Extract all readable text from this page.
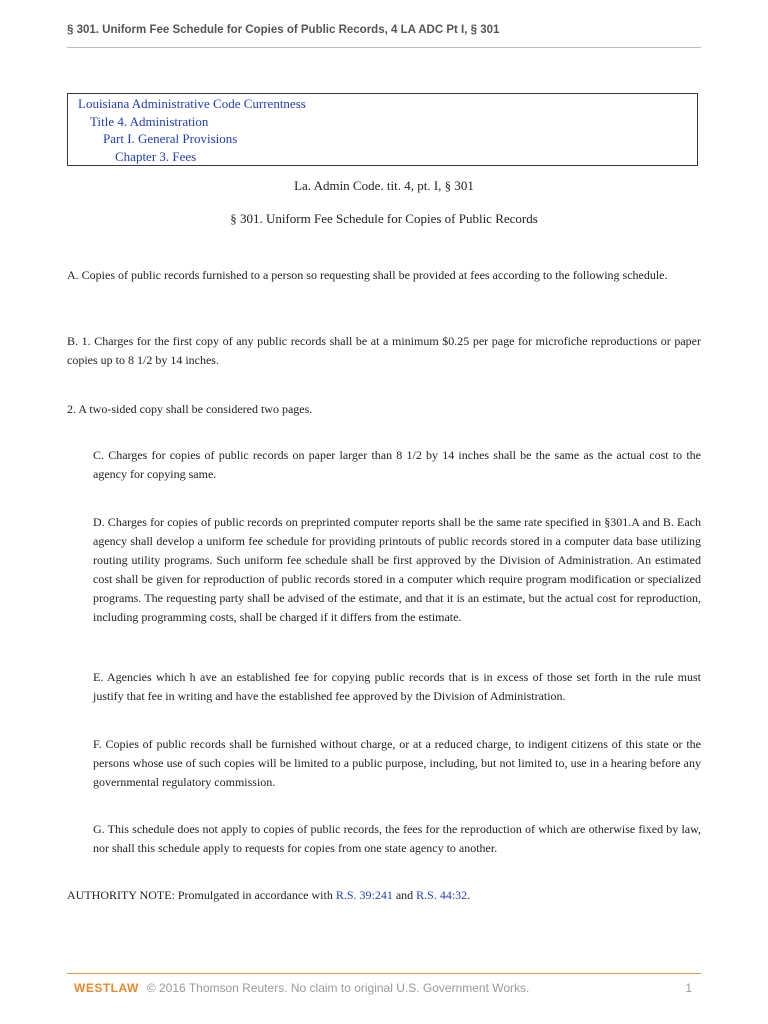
§ 301. Uniform Fee Schedule for Copies of Public Records, 4 LA ADC Pt I, § 301
Louisiana Administrative Code Currentness
Title 4. Administration
Part I. General Provisions
Chapter 3. Fees
La. Admin Code. tit. 4, pt. I, § 301
§ 301. Uniform Fee Schedule for Copies of Public Records

A. Copies of public records furnished to a person so requesting shall be provided at fees according to the following schedule.

B. 1. Charges for the first copy of any public records shall be at a minimum $0.25 per page for microfiche reproductions or paper copies up to 8 1/2 by 14 inches.

2. A two-sided copy shall be considered two pages.

C. Charges for copies of public records on paper larger than 8 1/2 by 14 inches shall be the same as the actual cost to the agency for copying same.

D. Charges for copies of public records on preprinted computer reports shall be the same rate specified in §301.A and B. Each agency shall develop a uniform fee schedule for providing printouts of public records stored in a computer data base utilizing routing utility programs. Such uniform fee schedule shall be first approved by the Division of Administration. An estimated cost shall be given for reproduction of public records stored in a computer which require program modification or specialized programs. The requesting party shall be advised of the estimate, and that it is an estimate, but the actual cost for reproduction, including programming costs, shall be charged if it differs from the estimate.

E. Agencies which h ave an established fee for copying public records that is in excess of those set forth in the rule must justify that fee in writing and have the established fee approved by the Division of Administration.

F. Copies of public records shall be furnished without charge, or at a reduced charge, to indigent citizens of this state or the persons whose use of such copies will be limited to a public purpose, including, but not limited to, use in a hearing before any governmental regulatory commission.

G. This schedule does not apply to copies of public records, the fees for the reproduction of which are otherwise fixed by law, nor shall this schedule apply to requests for copies from one state agency to another.

AUTHORITY NOTE: Promulgated in accordance with R.S. 39:241 and R.S. 44:32.

WESTLAW © 2016 Thomson Reuters. No claim to original U.S. Government Works.	1
